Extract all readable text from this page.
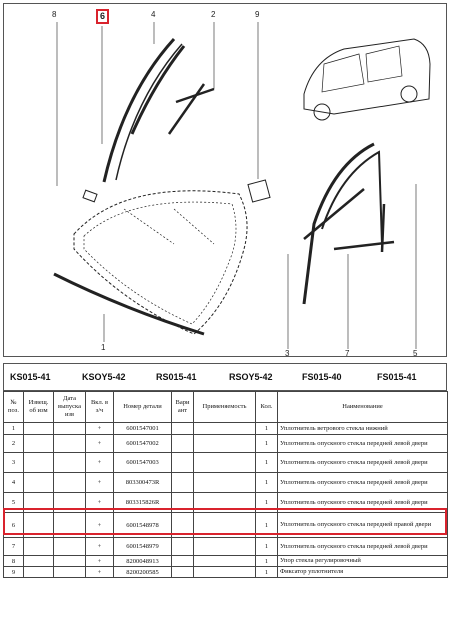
8	6	4	2	9
1
3	7	5
KS015-41	KSOY5-42	RS015-41	RSOY5-42	FS015-40	FS015-41
№ поз.	Извещ. об изм	Дата выпуска изв	Вкл. в з/ч	Номер детали	Вари ант	Применяемость	Кол.	Наименование
1			+	6001547001			1	Уплотнитель ветрового стекла нижний
2			+	6001547002			1	Уплотнитель опускного стекла передней левой двери
3			+	6001547003			1	Уплотнитель опускного стекла передней левой двери
4			+	803300473R			1	Уплотнитель опускного стекла передней левой двери
5			+	803315826R			1	Уплотнитель опускного стекла передней левой двери
6			+	6001548978			1	Уплотнитель опускного стекла передней правой двери
7			+	6001548979			1	Уплотнитель опускного стекла передней левой двери
8			+	8200048913			1	Упор стекла регулировочный
9			+	8200200585			1	Фиксатор уплотнителя
